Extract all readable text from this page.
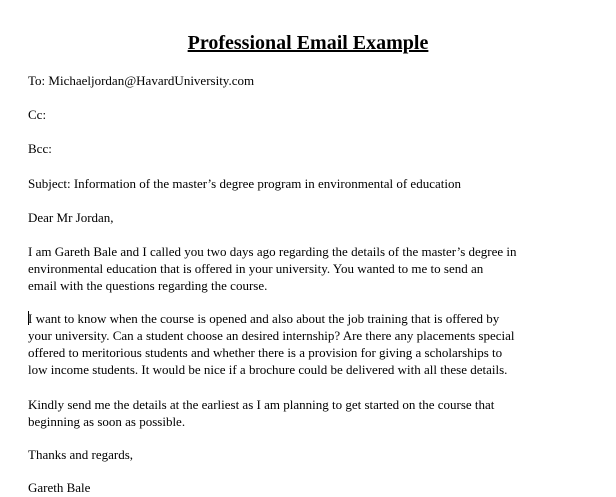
Professional Email Example
To: Michaeljordan@HavardUniversity.com
Cc:
Bcc:
Subject: Information of the master’s degree program in environmental of education
Dear Mr Jordan,
I am Gareth Bale and I called you two days ago regarding the details of the master’s degree in
environmental education that is offered in your university. You wanted to me to send an
email with the questions regarding the course.
I want to know when the course is opened and also about the job training that is offered by
your university. Can a student choose an desired internship? Are there any placements special
offered to meritorious students and whether there is a provision for giving a scholarships to
low income students. It would be nice if a brochure could be delivered with all these details.
Kindly send me the details at the earliest as I am planning to get started on the course that
beginning as soon as possible.
Thanks and regards,
Gareth Bale
